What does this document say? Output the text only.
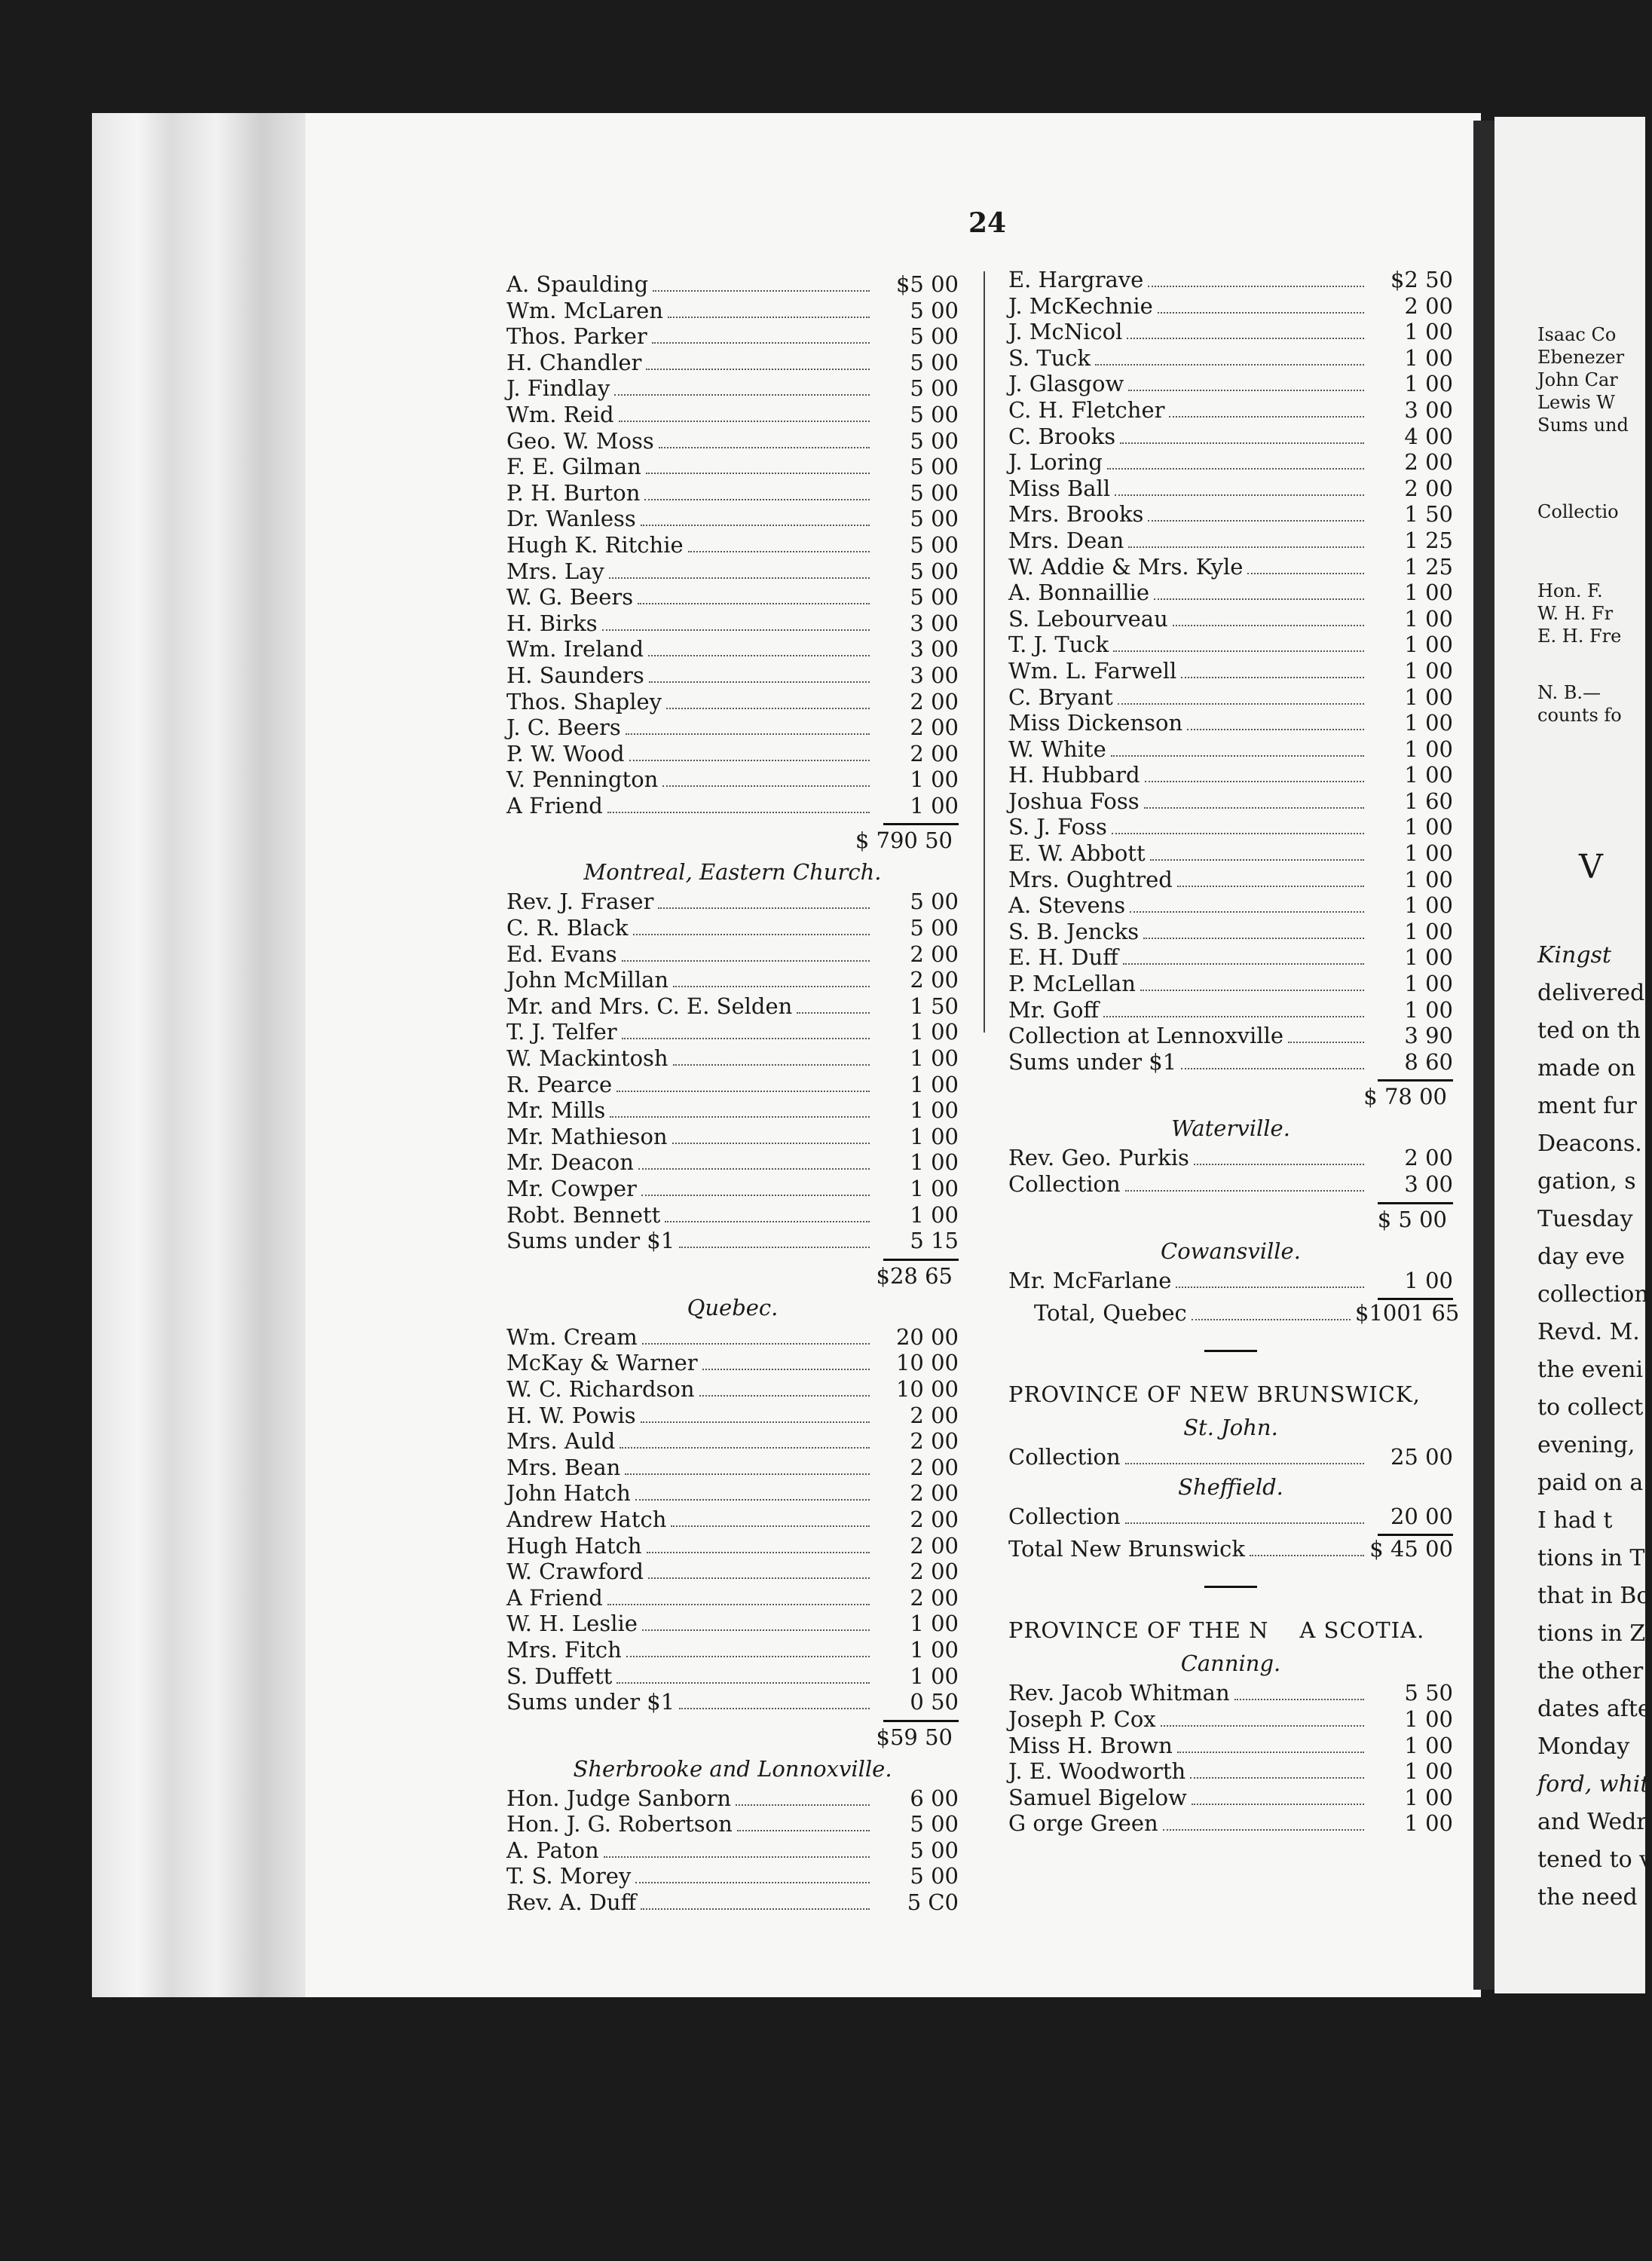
24
A. Spaulding	$5 00
Wm. McLaren	5 00
Thos. Parker	5 00
H. Chandler	5 00
J. Findlay	5 00
Wm. Reid	5 00
Geo. W. Moss	5 00
F. E. Gilman	5 00
P. H. Burton	5 00
Dr. Wanless	5 00
Hugh K. Ritchie	5 00
Mrs. Lay	5 00
W. G. Beers	5 00
H. Birks	3 00
Wm. Ireland	3 00
H. Saunders	3 00
Thos. Shapley	2 00
J. C. Beers	2 00
P. W. Wood	2 00
V. Pennington	1 00
A Friend	1 00
$ 790 50
Montreal, Eastern Church.
Rev. J. Fraser	5 00
C. R. Black	5 00
Ed. Evans	2 00
John McMillan	2 00
Mr. and Mrs. C. E. Selden	1 50
T. J. Telfer	1 00
W. Mackintosh	1 00
R. Pearce	1 00
Mr. Mills	1 00
Mr. Mathieson	1 00
Mr. Deacon	1 00
Mr. Cowper	1 00
Robt. Bennett	1 00
Sums under $1	5 15
$28 65
Quebec.
Wm. Cream	20 00
McKay & Warner	10 00
W. C. Richardson	10 00
H. W. Powis	2 00
Mrs. Auld	2 00
Mrs. Bean	2 00
John Hatch	2 00
Andrew Hatch	2 00
Hugh Hatch	2 00
W. Crawford	2 00
A Friend	2 00
W. H. Leslie	1 00
Mrs. Fitch	1 00
S. Duffett	1 00
Sums under $1	0 50
$59 50
Sherbrooke and Lonnoxville.
Hon. Judge Sanborn	6 00
Hon. J. G. Robertson	5 00
A. Paton	5 00
T. S. Morey	5 00
Rev. A. Duff	5 C0
E. Hargrave	$2 50
J. McKechnie	2 00
J. McNicol	1 00
S. Tuck	1 00
J. Glasgow	1 00
C. H. Fletcher	3 00
C. Brooks	4 00
J. Loring	2 00
Miss Ball	2 00
Mrs. Brooks	1 50
Mrs. Dean	1 25
W. Addie & Mrs. Kyle	1 25
A. Bonnaillie	1 00
S. Lebourveau	1 00
T. J. Tuck	1 00
Wm. L. Farwell	1 00
C. Bryant	1 00
Miss Dickenson	1 00
W. White	1 00
H. Hubbard	1 00
Joshua Foss	1 60
S. J. Foss	1 00
E. W. Abbott	1 00
Mrs. Oughtred	1 00
A. Stevens	1 00
S. B. Jencks	1 00
E. H. Duff	1 00
P. McLellan	1 00
Mr. Goff	1 00
Collection at Lennoxville	3 90
Sums under $1	8 60
$ 78 00
Waterville.
Rev. Geo. Purkis	2 00
Collection	3 00
$ 5 00
Cowansville.
Mr. McFarlane	1 00
Total, Quebec	$1001 65
PROVINCE OF NEW BRUNSWICK,
St. John.
Collection	25 00
Sheffield.
Collection	20 00
Total New Brunswick	$ 45 00
PROVINCE OF THE N    A SCOTIA.
Canning.
Rev. Jacob Whitman	5 50
Joseph P. Cox	1 00
Miss H. Brown	1 00
J. E. Woodworth	1 00
Samuel Bigelow	1 00
G orge Green	1 00
Isaac Co
Ebenezer
John Car
Lewis W
Sums und
Collectio
Hon. F.
W. H. Fr
E. H. Fre
N. B.—
counts fo
V
Kingst
delivered
ted on th
made on
ment fur
Deacons.
gation, s
Tuesday
day eve
collection
Revd. M.
the eveni
to collect
evening,
paid on a
I had t
tions in T
that in Bo
tions in Z
the other
dates afte
Monday
ford, whit
and Wedr
tened to v
the need
